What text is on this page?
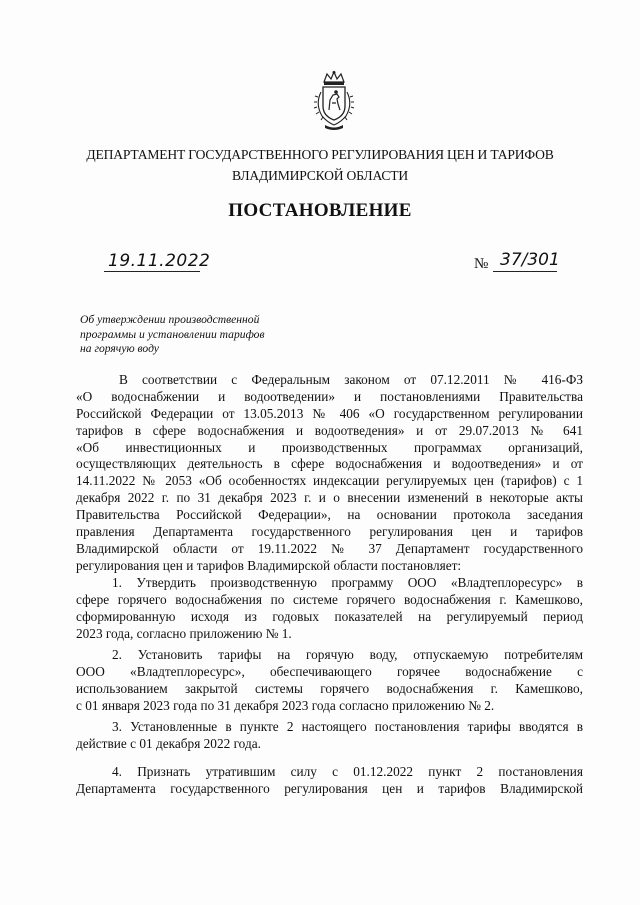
ДЕПАРТАМЕНТ ГОСУДАРСТВЕННОГО РЕГУЛИРОВАНИЯ ЦЕН И ТАРИФОВ
ВЛАДИМИРСКОЙ ОБЛАСТИ
ПОСТАНОВЛЕНИЕ
19.11.2022	№ 37/301
Об утверждении производственной
программы и установлении тарифов
на горячую воду
В соответствии с Федеральным законом от 07.12.2011 № 416-ФЗ
«О водоснабжении и водоотведении» и постановлениями Правительства
Российской Федерации от 13.05.2013 № 406 «О государственном регулировании
тарифов в сфере водоснабжения и водоотведения» и от 29.07.2013 № 641
«Об инвестиционных и производственных программах организаций,
осуществляющих деятельность в сфере водоснабжения и водоотведения» и от
14.11.2022 № 2053 «Об особенностях индексации регулируемых цен (тарифов) с 1
декабря 2022 г. по 31 декабря 2023 г. и о внесении изменений в некоторые акты
Правительства Российской Федерации», на основании протокола заседания
правления Департамента государственного регулирования цен и тарифов
Владимирской области от 19.11.2022 № 37 Департамент государственного
регулирования цен и тарифов Владимирской области постановляет:
1. Утвердить производственную программу ООО «Владтеплоресурс» в
сфере горячего водоснабжения по системе горячего водоснабжения г. Камешково,
сформированную исходя из годовых показателей на регулируемый период
2023 года, согласно приложению № 1.
2. Установить тарифы на горячую воду, отпускаемую потребителям
ООО «Владтеплоресурс», обеспечивающего горячее водоснабжение с
использованием закрытой системы горячего водоснабжения г. Камешково,
с 01 января 2023 года по 31 декабря 2023 года согласно приложению № 2.
3. Установленные в пункте 2 настоящего постановления тарифы вводятся в
действие с 01 декабря 2022 года.
4. Признать утратившим силу с 01.12.2022 пункт 2 постановления
Департамента государственного регулирования цен и тарифов Владимирской
